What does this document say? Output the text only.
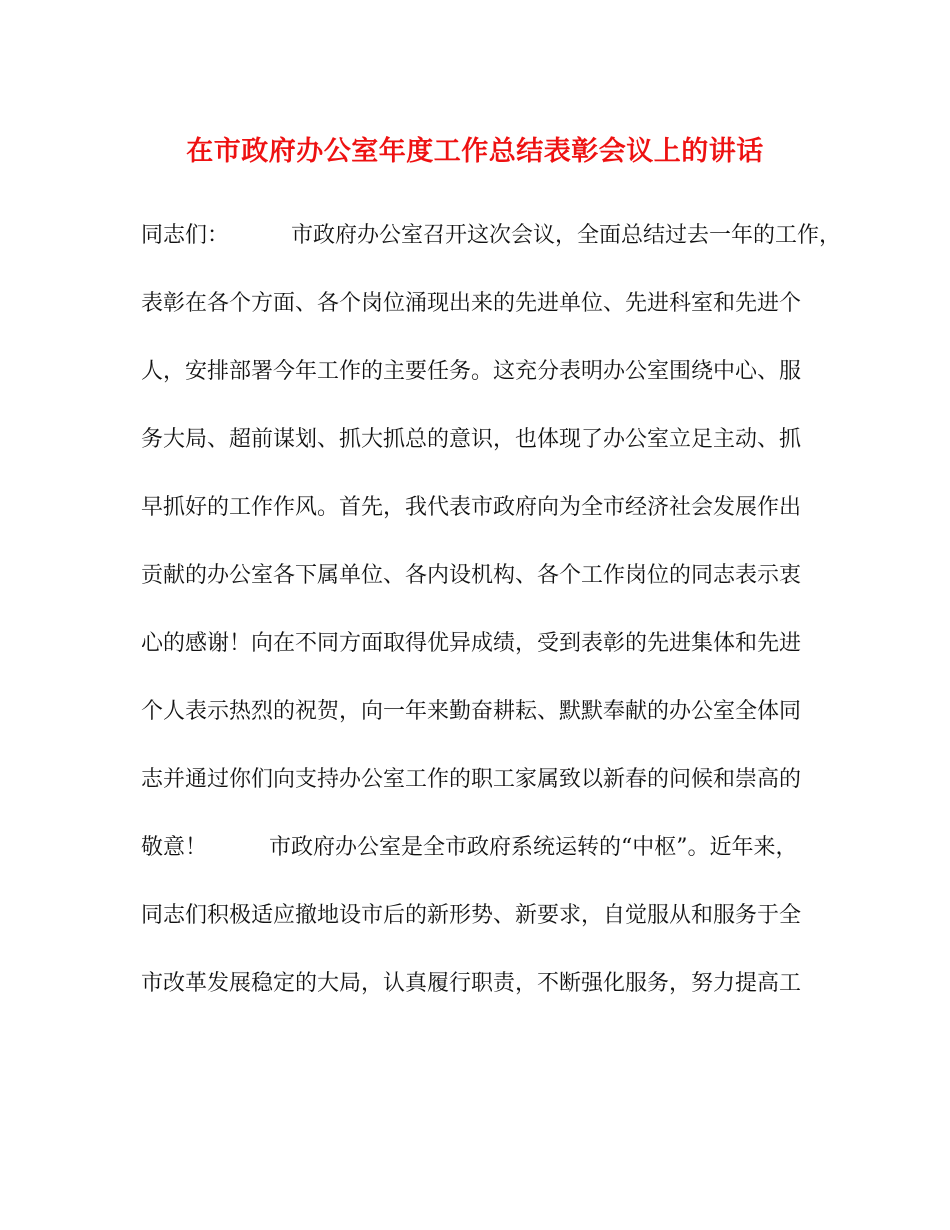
在市政府办公室年度工作总结表彰会议上的讲话
同志们：	市政府办公室召开这次会议，全面总结过去一年的工作，
表彰在各个方面、各个岗位涌现出来的先进单位、先进科室和先进个
人，安排部署今年工作的主要任务。这充分表明办公室围绕中心、服
务大局、超前谋划、抓大抓总的意识，也体现了办公室立足主动、抓
早抓好的工作作风。首先，我代表市政府向为全市经济社会发展作出
贡献的办公室各下属单位、各内设机构、各个工作岗位的同志表示衷
心的感谢！向在不同方面取得优异成绩，受到表彰的先进集体和先进
个人表示热烈的祝贺，向一年来勤奋耕耘、默默奉献的办公室全体同
志并通过你们向支持办公室工作的职工家属致以新春的问候和崇高的
敬意！	市政府办公室是全市政府系统运转的“中枢”。近年来，
同志们积极适应撤地设市后的新形势、新要求，自觉服从和服务于全
市改革发展稳定的大局，认真履行职责，不断强化服务，努力提高工
